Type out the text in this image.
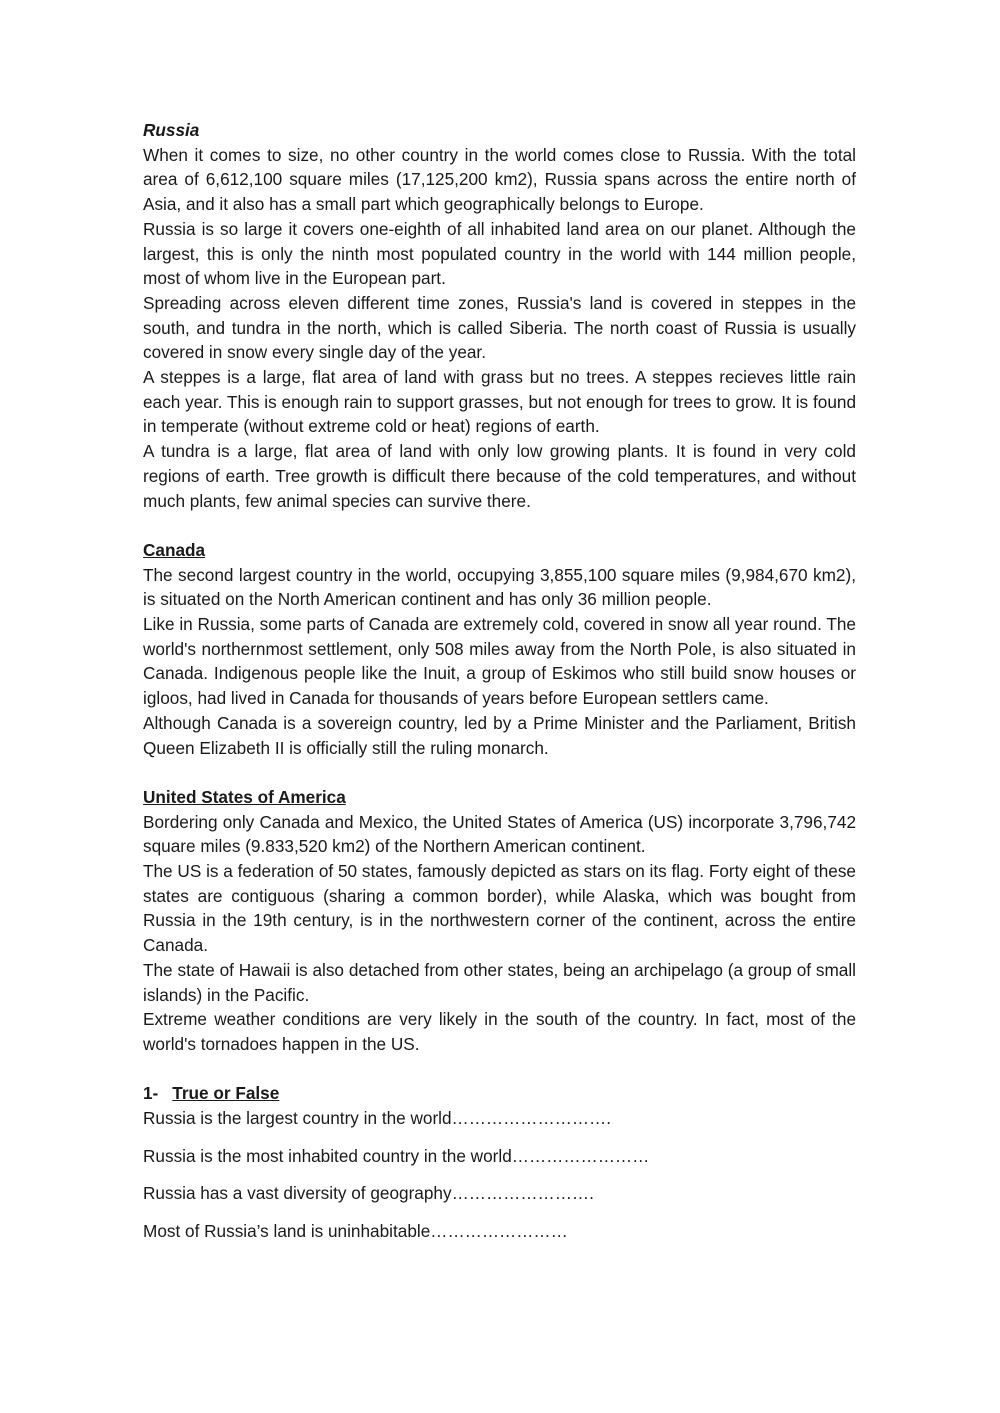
Russia

When it comes to size, no other country in the world comes close to Russia. With the total area of 6,612,100 square miles (17,125,200 km2), Russia spans across the entire north of Asia, and it also has a small part which geographically belongs to Europe.

Russia is so large it covers one-eighth of all inhabited land area on our planet. Although the largest, this is only the ninth most populated country in the world with 144 million people, most of whom live in the European part.

Spreading across eleven different time zones, Russia's land is covered in steppes in the south, and tundra in the north, which is called Siberia. The north coast of Russia is usually covered in snow every single day of the year.

A steppes is a large, flat area of land with grass but no trees. A steppes recieves little rain each year. This is enough rain to support grasses, but not enough for trees to grow. It is found in temperate (without extreme cold or heat) regions of earth.

A tundra is a large, flat area of land with only low growing plants. It is found in very cold regions of earth. Tree growth is difficult there because of the cold temperatures, and without much plants, few animal species can survive there.

Canada

The second largest country in the world, occupying 3,855,100 square miles (9,984,670 km2), is situated on the North American continent and has only 36 million people.

Like in Russia, some parts of Canada are extremely cold, covered in snow all year round. The world's northernmost settlement, only 508 miles away from the North Pole, is also situated in Canada. Indigenous people like the Inuit, a group of Eskimos who still build snow houses or igloos, had lived in Canada for thousands of years before European settlers came.

Although Canada is a sovereign country, led by a Prime Minister and the Parliament, British Queen Elizabeth II is officially still the ruling monarch.

United States of America

Bordering only Canada and Mexico, the United States of America (US) incorporate 3,796,742 square miles (9.833,520 km2) of the Northern American continent.

The US is a federation of 50 states, famously depicted as stars on its flag. Forty eight of these states are contiguous (sharing a common border), while Alaska, which was bought from Russia in the 19th century, is in the northwestern corner of the continent, across the entire Canada.

The state of Hawaii is also detached from other states, being an archipelago (a group of small islands) in the Pacific.

Extreme weather conditions are very likely in the south of the country. In fact, most of the world's tornadoes happen in the US.

1- True or False

Russia is the largest country in the world……………………….

Russia is the most inhabited country in the world……………………

Russia has a vast diversity of geography…………………….

Most of Russia’s land is uninhabitable……………………
